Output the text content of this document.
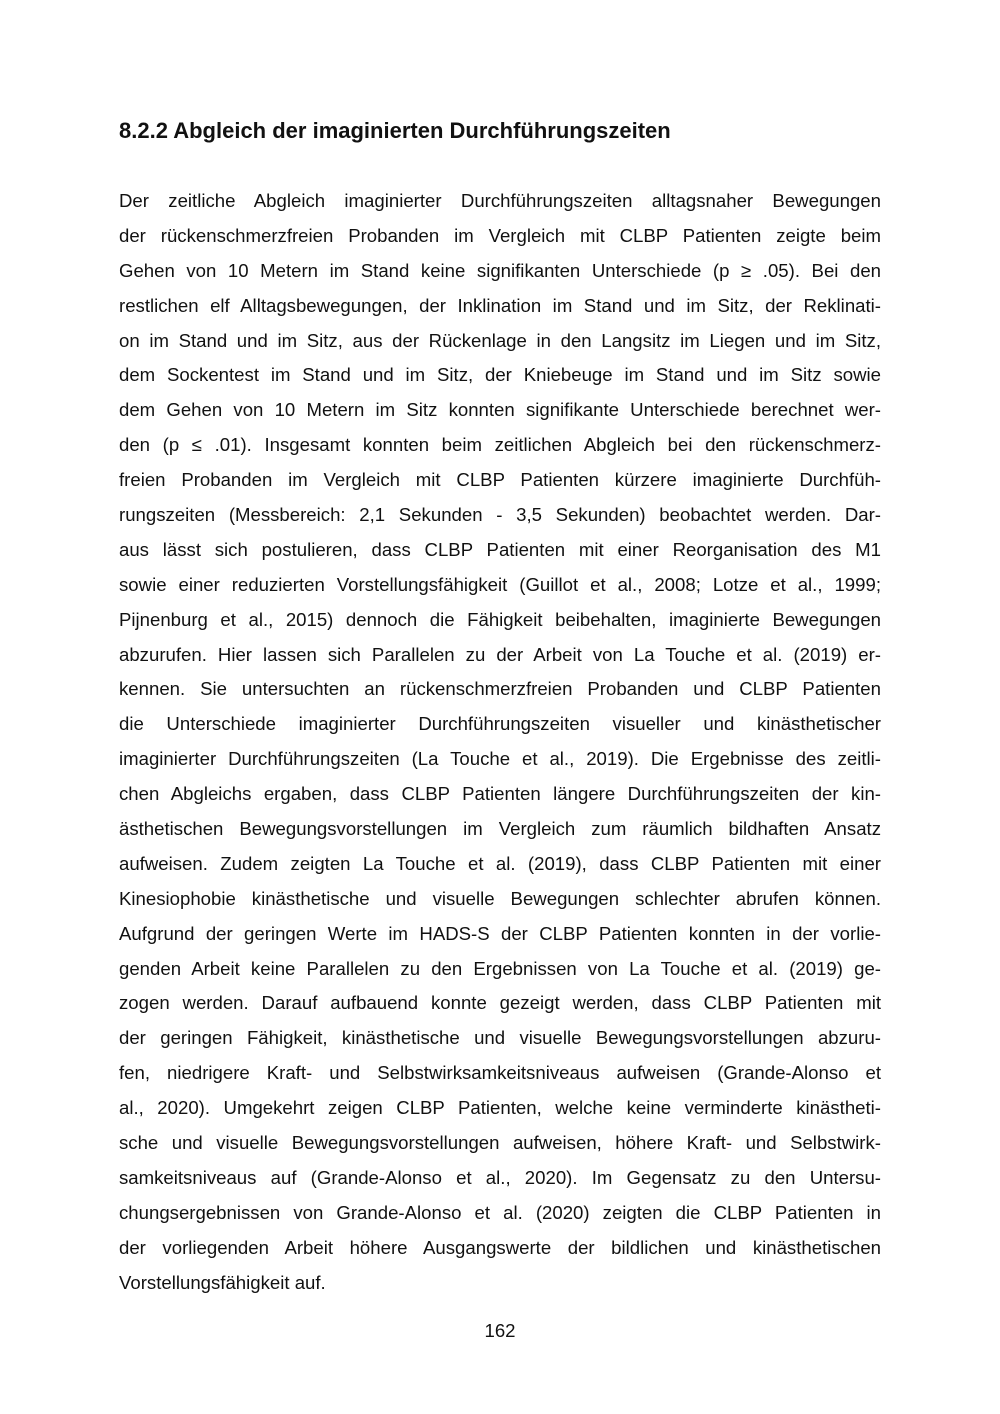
8.2.2 Abgleich der imaginierten Durchführungszeiten
Der zeitliche Abgleich imaginierter Durchführungszeiten alltagsnaher Bewegungen
der rückenschmerzfreien Probanden im Vergleich mit CLBP Patienten zeigte beim
Gehen von 10 Metern im Stand keine signifikanten Unterschiede (p ≥ .05). Bei den
restlichen elf Alltagsbewegungen, der Inklination im Stand und im Sitz, der Reklinati-
on im Stand und im Sitz, aus der Rückenlage in den Langsitz im Liegen und im Sitz,
dem Sockentest im Stand und im Sitz, der Kniebeuge im Stand und im Sitz sowie
dem Gehen von 10 Metern im Sitz konnten signifikante Unterschiede berechnet wer-
den (p ≤ .01). Insgesamt konnten beim zeitlichen Abgleich bei den rückenschmerz-
freien Probanden im Vergleich mit CLBP Patienten kürzere imaginierte Durchfüh-
rungszeiten (Messbereich: 2,1 Sekunden - 3,5 Sekunden) beobachtet werden. Dar-
aus lässt sich postulieren, dass CLBP Patienten mit einer Reorganisation des M1
sowie einer reduzierten Vorstellungsfähigkeit (Guillot et al., 2008; Lotze et al., 1999;
Pijnenburg et al., 2015) dennoch die Fähigkeit beibehalten, imaginierte Bewegungen
abzurufen. Hier lassen sich Parallelen zu der Arbeit von La Touche et al. (2019) er-
kennen. Sie untersuchten an rückenschmerzfreien Probanden und CLBP Patienten
die Unterschiede imaginierter Durchführungszeiten visueller und kinästhetischer
imaginierter Durchführungszeiten (La Touche et al., 2019). Die Ergebnisse des zeitli-
chen Abgleichs ergaben, dass CLBP Patienten längere Durchführungszeiten der kin-
ästhetischen Bewegungsvorstellungen im Vergleich zum räumlich bildhaften Ansatz
aufweisen. Zudem zeigten La Touche et al. (2019), dass CLBP Patienten mit einer
Kinesiophobie kinästhetische und visuelle Bewegungen schlechter abrufen können.
Aufgrund der geringen Werte im HADS-S der CLBP Patienten konnten in der vorlie-
genden Arbeit keine Parallelen zu den Ergebnissen von La Touche et al. (2019) ge-
zogen werden. Darauf aufbauend konnte gezeigt werden, dass CLBP Patienten mit
der geringen Fähigkeit, kinästhetische und visuelle Bewegungsvorstellungen abzuru-
fen, niedrigere Kraft- und Selbstwirksamkeitsniveaus aufweisen (Grande-Alonso et
al., 2020). Umgekehrt zeigen CLBP Patienten, welche keine verminderte kinästheti-
sche und visuelle Bewegungsvorstellungen aufweisen, höhere Kraft- und Selbstwirk-
samkeitsniveaus auf (Grande-Alonso et al., 2020). Im Gegensatz zu den Untersu-
chungsergebnissen von Grande-Alonso et al. (2020) zeigten die CLBP Patienten in
der vorliegenden Arbeit höhere Ausgangswerte der bildlichen und kinästhetischen
Vorstellungsfähigkeit auf.
162
